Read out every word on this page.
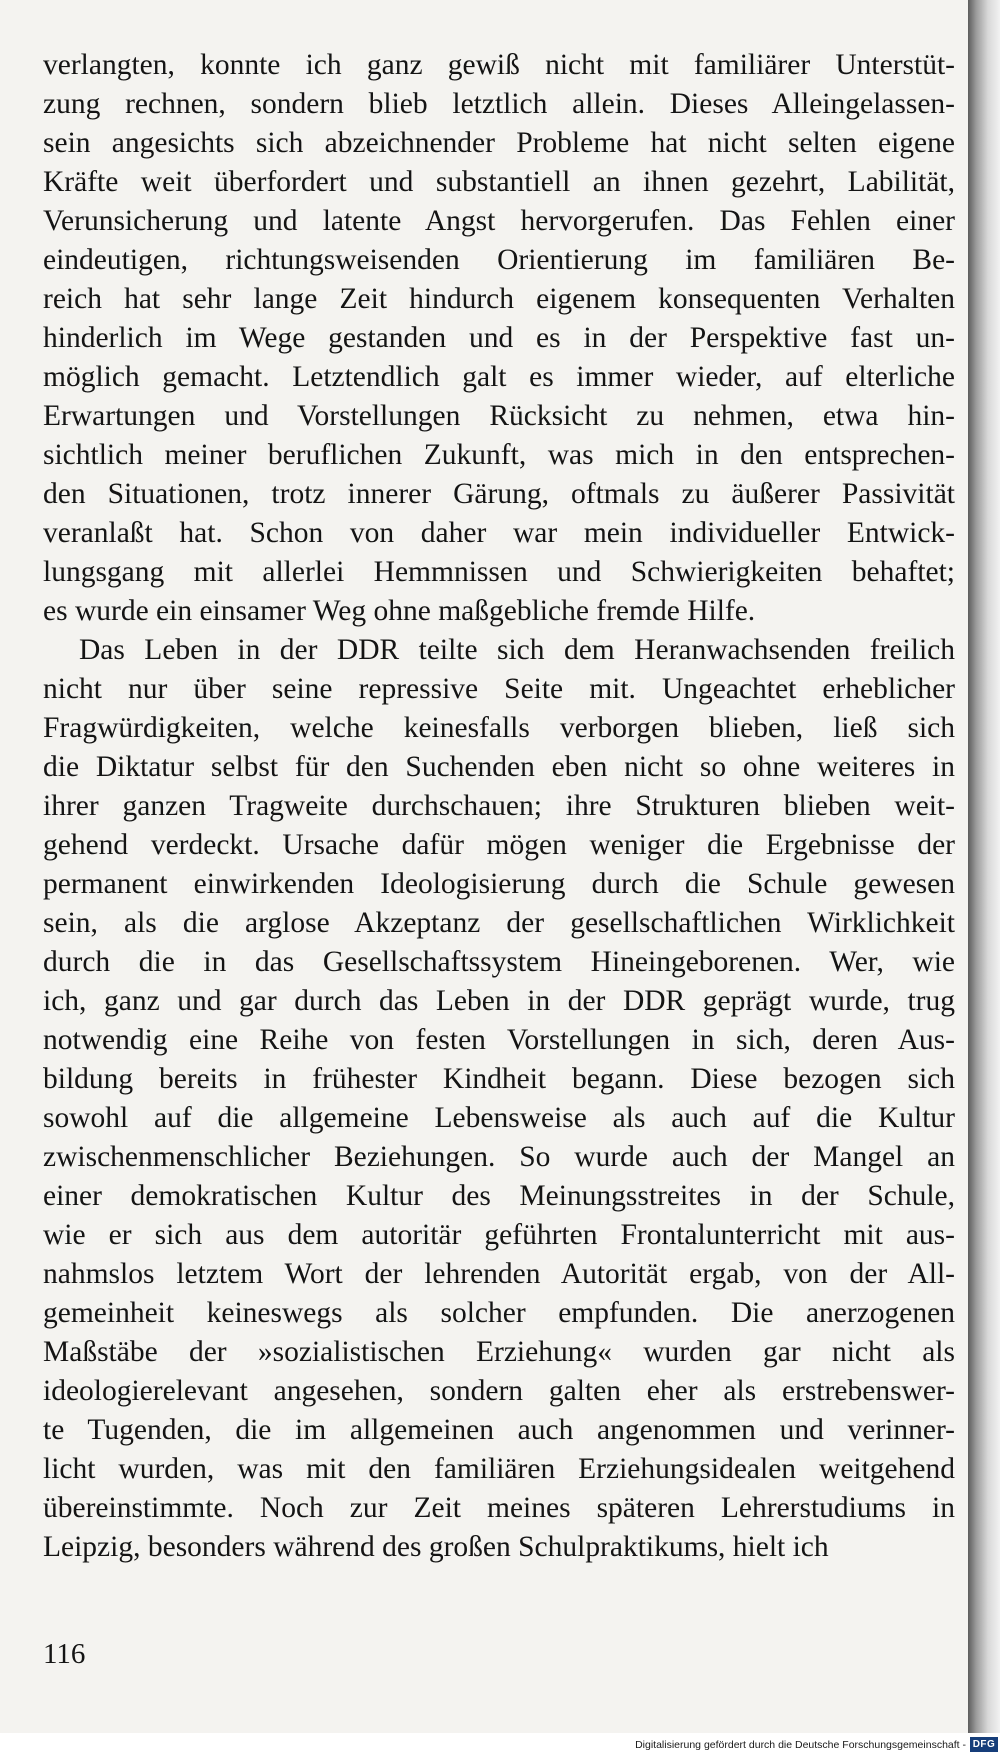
verlangten, konnte ich ganz gewiß nicht mit familiärer Unterstüt-
zung rechnen, sondern blieb letztlich allein. Dieses Alleingelassen-
sein angesichts sich abzeichnender Probleme hat nicht selten eigene
Kräfte weit überfordert und substantiell an ihnen gezehrt, Labilität,
Verunsicherung und latente Angst hervorgerufen. Das Fehlen einer
eindeutigen, richtungsweisenden Orientierung im familiären Be-
reich hat sehr lange Zeit hindurch eigenem konsequenten Verhalten
hinderlich im Wege gestanden und es in der Perspektive fast un-
möglich gemacht. Letztendlich galt es immer wieder, auf elterliche
Erwartungen und Vorstellungen Rücksicht zu nehmen, etwa hin-
sichtlich meiner beruflichen Zukunft, was mich in den entsprechen-
den Situationen, trotz innerer Gärung, oftmals zu äußerer Passivität
veranlaßt hat. Schon von daher war mein individueller Entwick-
lungsgang mit allerlei Hemmnissen und Schwierigkeiten behaftet;
es wurde ein einsamer Weg ohne maßgebliche fremde Hilfe.
Das Leben in der DDR teilte sich dem Heranwachsenden freilich
nicht nur über seine repressive Seite mit. Ungeachtet erheblicher
Fragwürdigkeiten, welche keinesfalls verborgen blieben, ließ sich
die Diktatur selbst für den Suchenden eben nicht so ohne weiteres in
ihrer ganzen Tragweite durchschauen; ihre Strukturen blieben weit-
gehend verdeckt. Ursache dafür mögen weniger die Ergebnisse der
permanent einwirkenden Ideologisierung durch die Schule gewesen
sein, als die arglose Akzeptanz der gesellschaftlichen Wirklichkeit
durch die in das Gesellschaftssystem Hineingeborenen. Wer, wie
ich, ganz und gar durch das Leben in der DDR geprägt wurde, trug
notwendig eine Reihe von festen Vorstellungen in sich, deren Aus-
bildung bereits in frühester Kindheit begann. Diese bezogen sich
sowohl auf die allgemeine Lebensweise als auch auf die Kultur
zwischenmenschlicher Beziehungen. So wurde auch der Mangel an
einer demokratischen Kultur des Meinungsstreites in der Schule,
wie er sich aus dem autoritär geführten Frontalunterricht mit aus-
nahmslos letztem Wort der lehrenden Autorität ergab, von der All-
gemeinheit keineswegs als solcher empfunden. Die anerzogenen
Maßstäbe der »sozialistischen Erziehung« wurden gar nicht als
ideologierelevant angesehen, sondern galten eher als erstrebenswer-
te Tugenden, die im allgemeinen auch angenommen und verinner-
licht wurden, was mit den familiären Erziehungsidealen weitgehend
übereinstimmte. Noch zur Zeit meines späteren Lehrerstudiums in
Leipzig, besonders während des großen Schulpraktikums, hielt ich
116
Digitalisierung gefördert durch die Deutsche Forschungsgemeinschaft - DFG
